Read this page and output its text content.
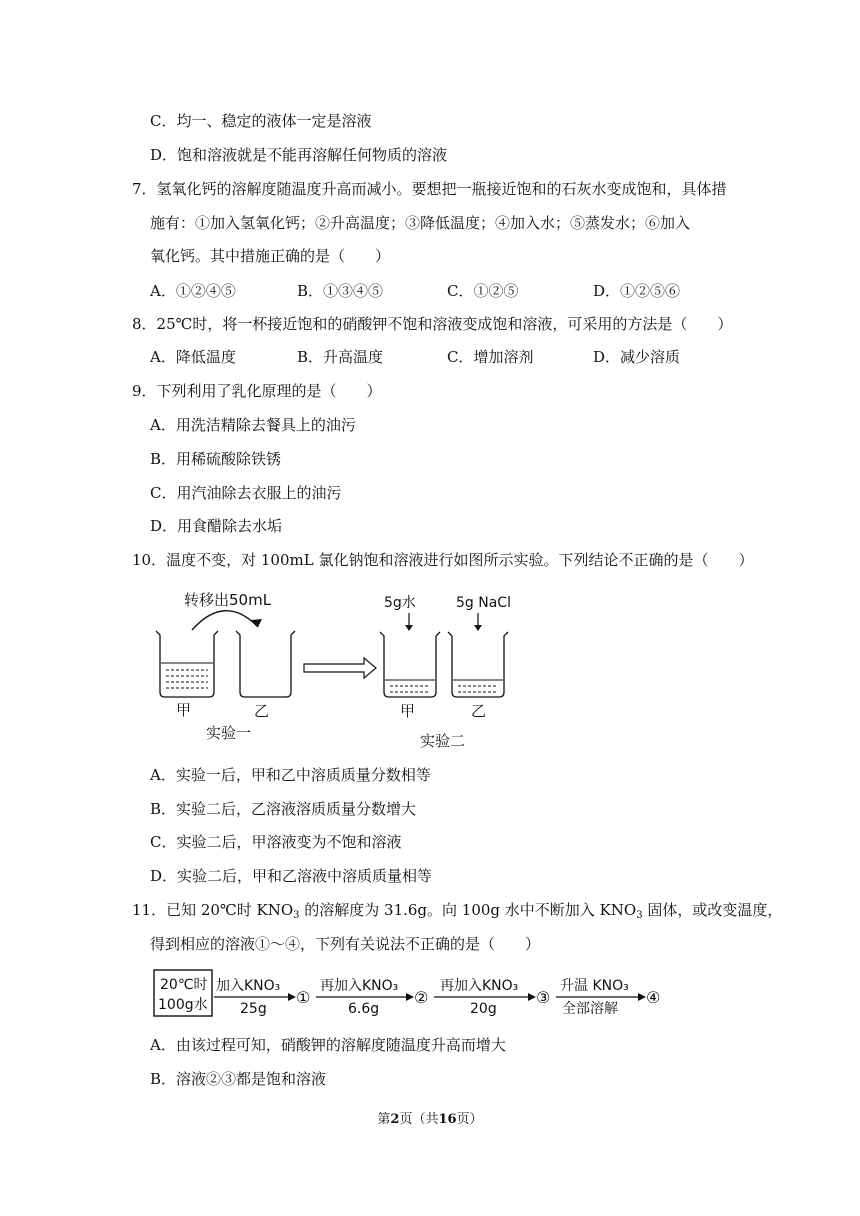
C．均一、稳定的液体一定是溶液
D．饱和溶液就是不能再溶解任何物质的溶液
7．氢氧化钙的溶解度随温度升高而减小。要想把一瓶接近饱和的石灰水变成饱和，具体措
施有：①加入氢氧化钙；②升高温度；③降低温度；④加入水；⑤蒸发水；⑥加入
氧化钙。其中措施正确的是（　　）
A．①②④⑤	B．①③④⑤	C．①②⑤	D．①②⑤⑥
8．25℃时，将一杯接近饱和的硝酸钾不饱和溶液变成饱和溶液，可采用的方法是（　　）
A．降低温度	B．升高温度	C．增加溶剂	D．减少溶质
9．下列利用了乳化原理的是（　　）
A．用洗洁精除去餐具上的油污
B．用稀硫酸除铁锈
C．用汽油除去衣服上的油污
D．用食醋除去水垢
10．温度不变，对 100mL 氯化钠饱和溶液进行如图所示实验。下列结论不正确的是（　　）
转移出50mL
甲	乙
实验一
5g水
甲
5g NaCl
乙
实验二
A．实验一后，甲和乙中溶质质量分数相等
B．实验二后，乙溶液溶质质量分数增大
C．实验二后，甲溶液变为不饱和溶液
D．实验二后，甲和乙溶液中溶质质量相等
11．已知 20℃时 $KNO_3$ 的溶解度为 31.6g。向 100g 水中不断加入 $KNO_3$ 固体，或改变温度，
得到相应的溶液①～④，下列有关说法不正确的是（　　）
20℃时
100g水
加入KNO₃
25g
①
再加入KNO₃
6.6g
②
再加入KNO₃
20g
③
升温 KNO₃
全部溶解
④
A．由该过程可知，硝酸钾的溶解度随温度升高而增大
B．溶液②③都是饱和溶液
第2页（共16页）
